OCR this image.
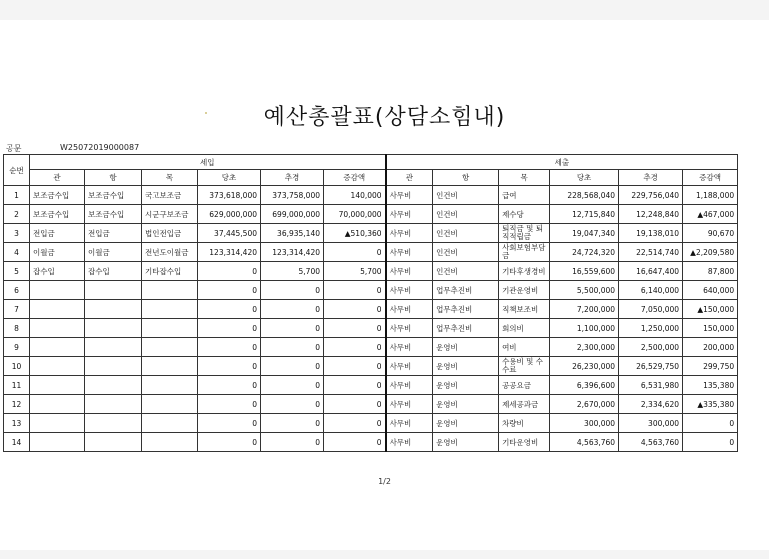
예산총괄표(상담소힘내)
공문	W25072019000087
순번	세입						세출					
	관	항	목	당초	추경	증감액	관	항	목	당초	추경	증감액
1	보조금수입	보조금수입	국고보조금	373,618,000	373,758,000	140,000	사무비	인건비	급여	228,568,040	229,756,040	1,188,000
2	보조금수입	보조금수입	시군구보조금	629,000,000	699,000,000	70,000,000	사무비	인건비	제수당	12,715,840	12,248,840	▲467,000
3	전입금	전입금	법인전입금	37,445,500	36,935,140	▲510,360	사무비	인건비	퇴직금 및 퇴직적립금	19,047,340	19,138,010	90,670
4	이월금	이월금	전년도이월금	123,314,420	123,314,420	0	사무비	인건비	사회보험부담금	24,724,320	22,514,740	▲2,209,580
5	잡수입	잡수입	기타잡수입	0	5,700	5,700	사무비	인건비	기타후생경비	16,559,600	16,647,400	87,800
6				0	0	0	사무비	업무추진비	기관운영비	5,500,000	6,140,000	640,000
7				0	0	0	사무비	업무추진비	직책보조비	7,200,000	7,050,000	▲150,000
8				0	0	0	사무비	업무추진비	회의비	1,100,000	1,250,000	150,000
9				0	0	0	사무비	운영비	여비	2,300,000	2,500,000	200,000
10				0	0	0	사무비	운영비	수용비 및 수수료	26,230,000	26,529,750	299,750
11				0	0	0	사무비	운영비	공공요금	6,396,600	6,531,980	135,380
12				0	0	0	사무비	운영비	제세공과금	2,670,000	2,334,620	▲335,380
13				0	0	0	사무비	운영비	차량비	300,000	300,000	0
14				0	0	0	사무비	운영비	기타운영비	4,563,760	4,563,760	0
1/2
